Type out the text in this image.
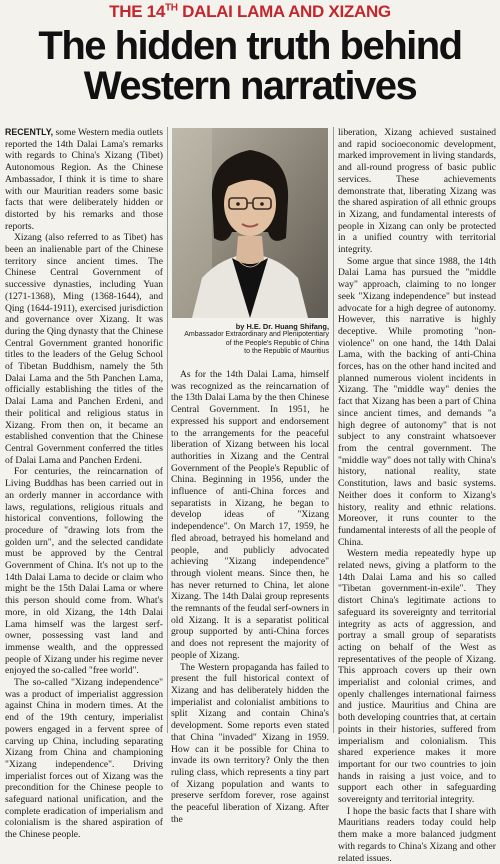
THE 14TH DALAI LAMA AND XIZANG
The hidden truth behind
Western narratives

RECENTLY, some Western media outlets reported the 14th Dalai Lama's remarks with regards to China's Xizang (Tibet) Autonomous Region. As the Chinese Ambassador, I think it is time to share with our Mauritian readers some basic facts that were deliberately hidden or distorted by his remarks and those reports.

Xizang (also referred to as Tibet) has been an inalienable part of the Chinese territory since ancient times. The Chinese Central Government of successive dynasties, including Yuan (1271-1368), Ming (1368-1644), and Qing (1644-1911), exercised jurisdiction and governance over Xizang. It was during the Qing dynasty that the Chinese Central Government granted honorific titles to the leaders of the Gelug School of Tibetan Buddhism, namely the 5th Dalai Lama and the 5th Panchen Lama, officially establishing the titles of the Dalai Lama and Panchen Erdeni, and their political and religious status in Xizang. From then on, it became an established convention that the Chinese Central Government conferred the titles of Dalai Lama and Panchen Erdeni.

For centuries, the reincarnation of Living Buddhas has been carried out in an orderly manner in accordance with laws, regulations, religious rituals and historical conventions, following the procedure of "drawing lots from the golden urn", and the selected candidate must be approved by the Central Government of China. It's not up to the 14th Dalai Lama to decide or claim who might be the 15th Dalai Lama or where this person should come from. What's more, in old Xizang, the 14th Dalai Lama himself was the largest serf-owner, possessing vast land and immense wealth, and the oppressed people of Xizang under his regime never enjoyed the so-called "free world".

The so-called "Xizang independence" was a product of imperialist aggression against China in modern times. At the end of the 19th century, imperialist powers engaged in a fervent spree of carving up China, including separating Xizang from China and championing "Xizang independence". Driving imperialist forces out of Xizang was the precondition for the Chinese people to safeguard national unification, and the complete eradication of imperialism and colonialism is the shared aspiration of the Chinese people.

by H.E. Dr. Huang Shifang,
Ambassador Extraordinary and Plenipotentiary
of the People's Republic of China
to the Republic of Mauritius

As for the 14th Dalai Lama, himself was recognized as the reincarnation of the 13th Dalai Lama by the then Chinese Central Government. In 1951, he expressed his support and endorsement to the arrangements for the peaceful liberation of Xizang between his local authorities in Xizang and the Central Government of the People's Republic of China. Beginning in 1956, under the influence of anti-China forces and separatists in Xizang, he began to develop ideas of "Xizang independence". On March 17, 1959, he fled abroad, betrayed his homeland and people, and publicly advocated achieving "Xizang independence" through violent means. Since then, he has never returned to China, let alone Xizang. The 14th Dalai group represents the remnants of the feudal serf-owners in old Xizang. It is a separatist political group supported by anti-China forces and does not represent the majority of people of Xizang.

The Western propaganda has failed to present the full historical context of Xizang and has deliberately hidden the imperialist and colonialist ambitions to split Xizang and contain China's development. Some reports even stated that China "invaded" Xizang in 1959. How can it be possible for China to invade its own territory? Only the then ruling class, which represents a tiny part of Xizang population and wants to preserve serfdom forever, rose against the peaceful liberation of Xizang. After the

liberation, Xizang achieved sustained and rapid socioeconomic development, marked improvement in living standards, and all-round progress of basic public services. These achievements demonstrate that, liberating Xizang was the shared aspiration of all ethnic groups in Xizang, and fundamental interests of people in Xizang can only be protected in a unified country with territorial integrity.

Some argue that since 1988, the 14th Dalai Lama has pursued the "middle way" approach, claiming to no longer seek "Xizang independence" but instead advocate for a high degree of autonomy. However, this narrative is highly deceptive. While promoting "non-violence" on one hand, the 14th Dalai Lama, with the backing of anti-China forces, has on the other hand incited and planned numerous violent incidents in Xizang. The "middle way" denies the fact that Xizang has been a part of China since ancient times, and demands "a high degree of autonomy" that is not subject to any constraint whatsoever from the central government. The "middle way" does not tally with China's history, national reality, state Constitution, laws and basic systems. Neither does it conform to Xizang's history, reality and ethnic relations. Moreover, it runs counter to the fundamental interests of all the people of China.

Western media repeatedly hype up related news, giving a platform to the 14th Dalai Lama and his so called "Tibetan government-in-exile". They distort China's legitimate actions to safeguard its sovereignty and territorial integrity as acts of aggression, and portray a small group of separatists acting on behalf of the West as representatives of the people of Xizang. This approach covers up their own imperialist and colonial crimes, and openly challenges international fairness and justice. Mauritius and China are both developing countries that, at certain points in their histories, suffered from imperialism and colonialism. This shared experience makes it more important for our two countries to join hands in raising a just voice, and to support each other in safeguarding sovereignty and territorial integrity.

I hope the basic facts that I share with Mauritians readers today could help them make a more balanced judgment with regards to China's Xizang and other related issues.
